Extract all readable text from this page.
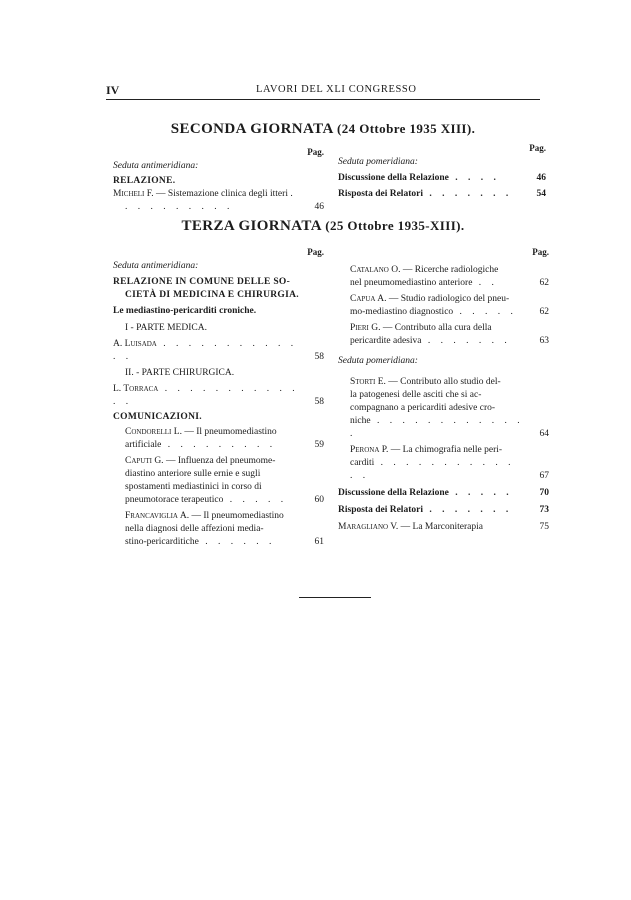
IV	LAVORI DEL XLI CONGRESSO
SECONDA GIORNATA (24 Ottobre 1935 XIII).
Pag.
Seduta antimeridiana:
RELAZIONE.
Micheli F. — Sistemazione clinica degli itteri . . . . . . . . . .	46
Pag.
Seduta pomeridiana:
Discussione della Relazione . . . .	46
Risposta dei Relatori . . . . . . .	54
TERZA GIORNATA (25 Ottobre 1935-XIII).
Pag.
Seduta antimeridiana:
RELAZIONE IN COMUNE DELLE SO-
CIETÀ DI MEDICINA E CHIRURGIA.
Le mediastino-pericarditi croniche.
I - PARTE MEDICA.
A. Luisada . . . . . . . . . . . . .	58
II. - PARTE CHIRURGICA.
L. Torraca . . . . . . . . . . . . .	58
COMUNICAZIONI.
Condorelli L. — Il pneumomediastino
artificiale . . . . . . . . .	59
Caputi G. — Influenza del pneumome-
diastino anteriore sulle ernie e sugli
spostamenti mediastinici in corso di
pneumotorace terapeutico . . . . .	60
Francaviglia A. — Il pneumomediastino
nella diagnosi delle affezioni media-
stino-pericarditiche . . . . . .	61
Pag.
Catalano O. — Ricerche radiologiche
nel pneumomediastino anteriore . .	62
Capua A. — Studio radiologico del pneu-
mo-mediastino diagnostico . . . . .	62
Pieri G. — Contributo alla cura della
pericardite adesiva . . . . . . .	63
Seduta pomeridiana:
Storti E. — Contributo allo studio del-
la patogenesi delle asciti che si ac-
compagnano a pericarditi adesive cro-
niche . . . . . . . . . . . . .	64
Perona P. — La chimografia nelle peri-
carditi . . . . . . . . . . . . .	67
Discussione della Relazione . . . . .	70
Risposta dei Relatori . . . . . . .	73
Maragliano V. — La Marconiterapia	75
